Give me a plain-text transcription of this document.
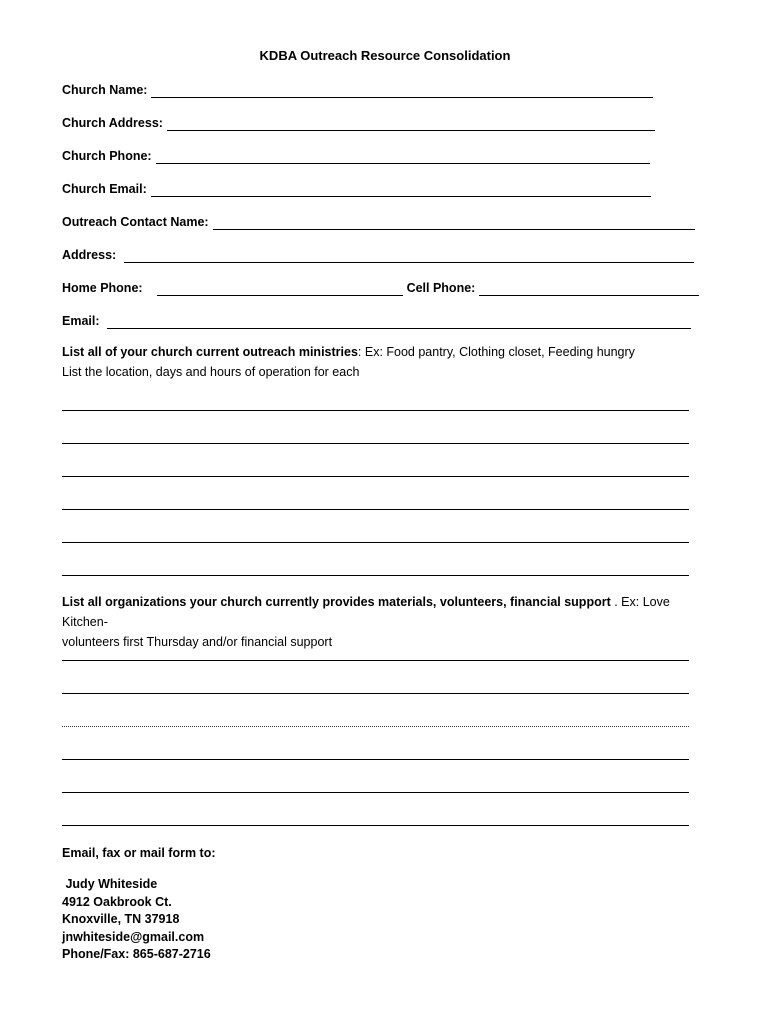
KDBA Outreach Resource Consolidation
Church Name:
Church Address:
Church Phone:
Church Email:
Outreach Contact Name:
Address:
Home Phone:	Cell Phone:
Email:
List all of your church current outreach ministries: Ex: Food pantry, Clothing closet, Feeding hungry
List the location, days and hours of operation for each
List all organizations your church currently provides materials, volunteers, financial support . Ex: Love Kitchen-
volunteers first Thursday and/or financial support
Email, fax or mail form to:
Judy Whiteside
4912 Oakbrook Ct.
Knoxville, TN 37918
jnwhiteside@gmail.com
Phone/Fax: 865-687-2716
